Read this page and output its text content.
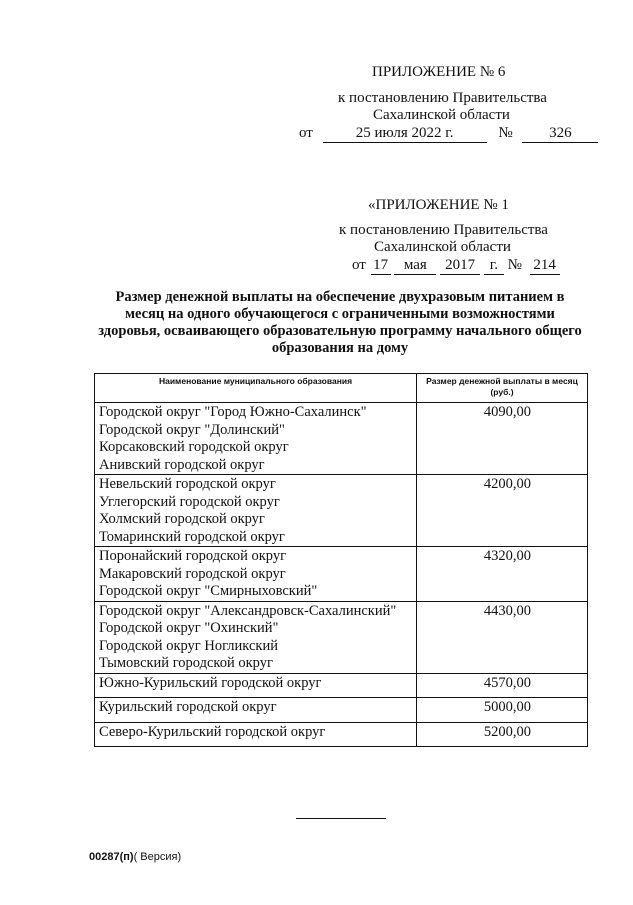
ПРИЛОЖЕНИЕ № 6
к постановлению Правительства
Сахалинской области
от	25 июля 2022 г.	№ 326
«ПРИЛОЖЕНИЕ № 1
к постановлению Правительства
Сахалинской области
от 17 мая 2017 г. № 214
Размер денежной выплаты на обеспечение двухразовым питанием в месяц на одного обучающегося с ограниченными возможностями здоровья, осваивающего образовательную программу начального общего образования на дому
Наименование муниципального образования	Размер денежной выплаты в месяц (руб.)

Городской округ "Город Южно-Сахалинск"
Городской округ "Долинский"
Корсаковский городской округ
Анивский городской округ	4090,00

Невельский городской округ
Углегорский городской округ
Холмский городской округ
Томаринский городской округ	4200,00

Поронайский городской округ
Макаровский городской округ
Городской округ "Смирныховский"	4320,00

Городской округ "Александровск-Сахалинский"
Городской округ "Охинский"
Городской округ Ногликский
Тымовский городской округ	4430,00

Южно-Курильский городской округ	4570,00

Курильский городской округ	5000,00

Северо-Курильский городской округ	5200,00
00287(п)( Версия)
